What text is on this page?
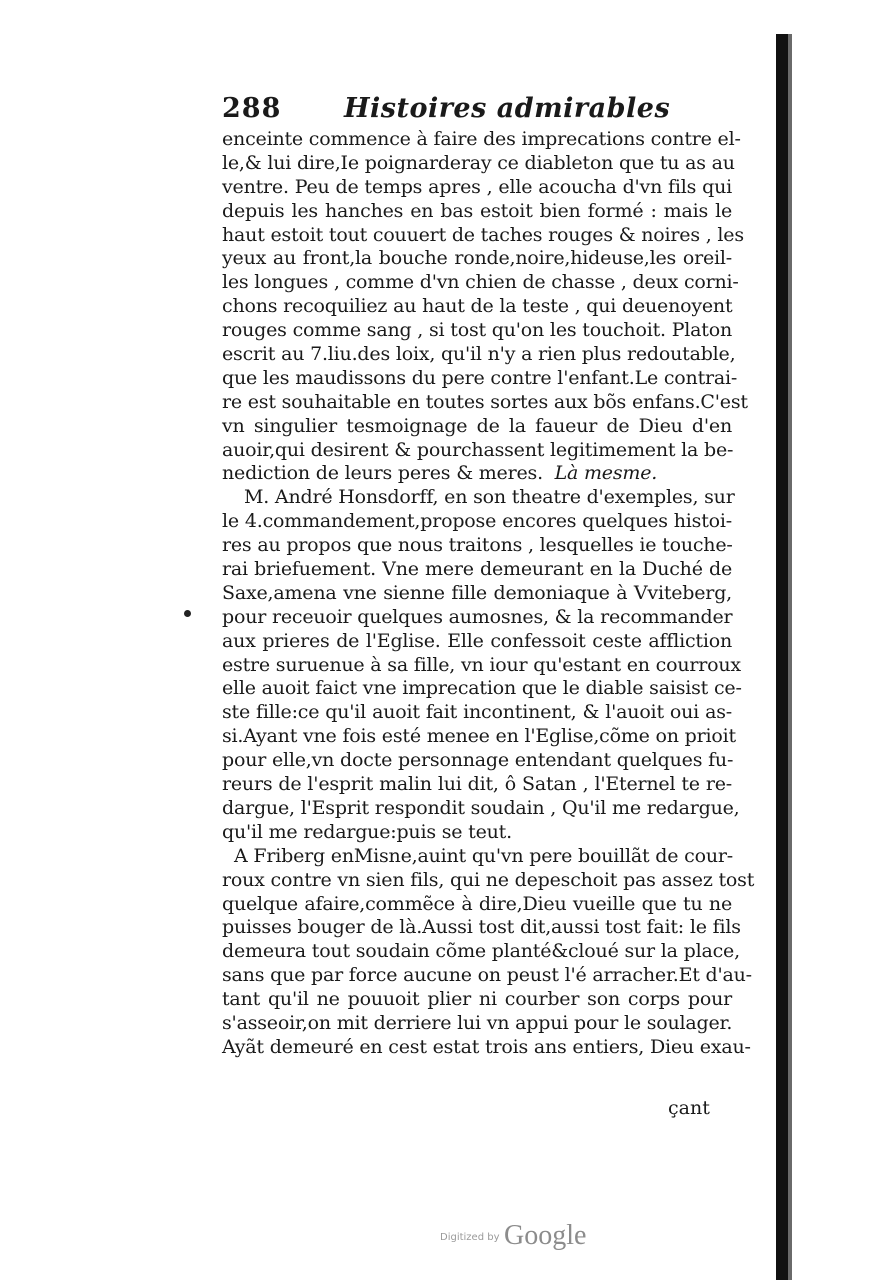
288 Histoires admirables
enceinte commence à faire des imprecations contre el-
le,& lui dire,Ie poignarderay ce diableton que tu as au
ventre. Peu de temps apres , elle acoucha d'vn fils qui
depuis les hanches en bas estoit bien formé : mais le
haut estoit tout couuert de taches rouges & noires , les
yeux au front,la bouche ronde,noire,hideuse,les oreil-
les longues , comme d'vn chien de chasse , deux corni-
chons recoquiliez au haut de la teste , qui deuenoyent
rouges comme sang , si tost qu'on les touchoit. Platon
escrit au 7.liu.des loix, qu'il n'y a rien plus redoutable,
que les maudissons du pere contre l'enfant.Le contrai-
re est souhaitable en toutes sortes aux bõs enfans.C'est
vn singulier tesmoignage de la faueur de Dieu d'en
auoir,qui desirent & pourchassent legitimement la be-
nediction de leurs peres & meres. Là mesme.
M. André Honsdorff, en son theatre d'exemples, sur
le 4.commandement,propose encores quelques histoi-
res au propos que nous traitons , lesquelles ie touche-
rai briefuement. Vne mere demeurant en la Duché de
Saxe,amena vne sienne fille demoniaque à Vviteberg,
pour receuoir quelques aumosnes, & la recommander
aux prieres de l'Eglise. Elle confessoit ceste affliction
estre suruenue à sa fille, vn iour qu'estant en courroux
elle auoit faict vne imprecation que le diable saisist ce-
ste fille:ce qu'il auoit fait incontinent, & l'auoit oui as-
si.Ayant vne fois esté menee en l'Eglise,cõme on prioit
pour elle,vn docte personnage entendant quelques fu-
reurs de l'esprit malin lui dit, ô Satan , l'Eternel te re-
dargue, l'Esprit respondit soudain , Qu'il me redargue,
qu'il me redargue:puis se teut.
A Friberg enMisne,auint qu'vn pere bouillãt de cour-
roux contre vn sien fils, qui ne depeschoit pas assez tost
quelque afaire,commẽce à dire,Dieu vueille que tu ne
puisses bouger de là.Aussi tost dit,aussi tost fait: le fils
demeura tout soudain cõme planté&cloué sur la place,
sans que par force aucune on peust l'é arracher.Et d'au-
tant qu'il ne pouuoit plier ni courber son corps pour
s'asseoir,on mit derriere lui vn appui pour le soulager.
Ayãt demeuré en cest estat trois ans entiers, Dieu exau-
çant
Digitized by Google
